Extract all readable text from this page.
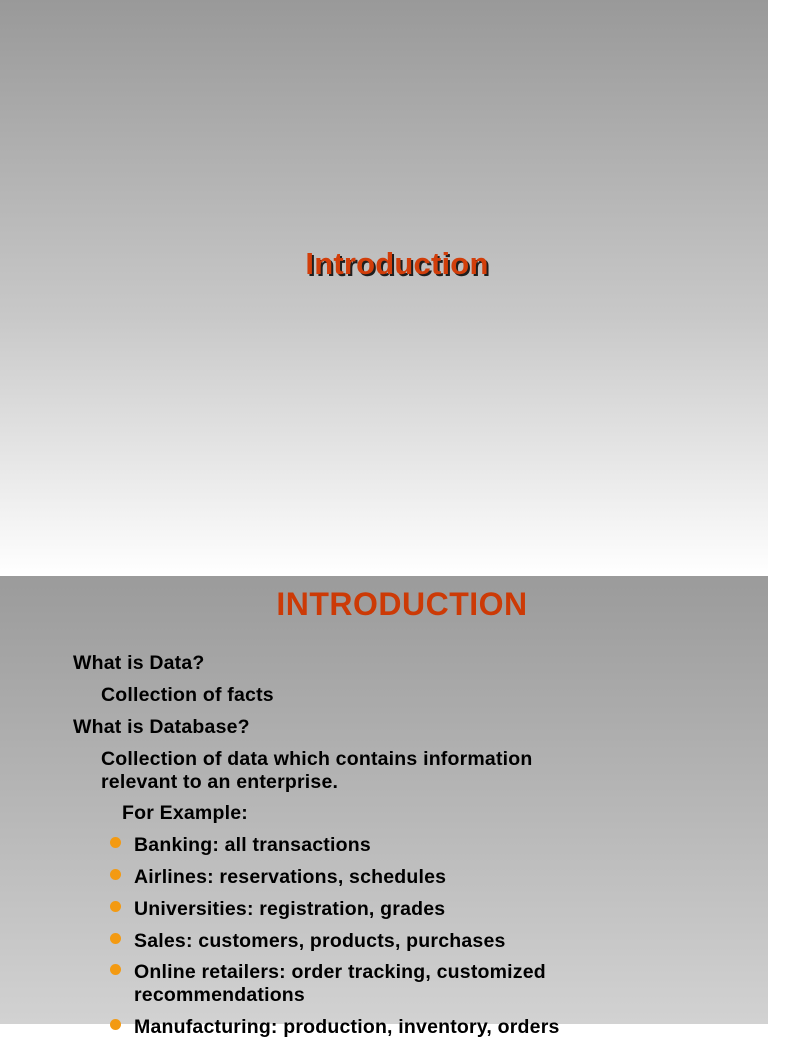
Introduction
INTRODUCTION
What is Data?
Collection of facts
What is Database?
Collection of data which contains information
relevant to an enterprise.
For Example:
Banking: all transactions
Airlines: reservations, schedules
Universities: registration, grades
Sales: customers, products, purchases
Online retailers: order tracking, customized
recommendations
Manufacturing: production, inventory, orders
